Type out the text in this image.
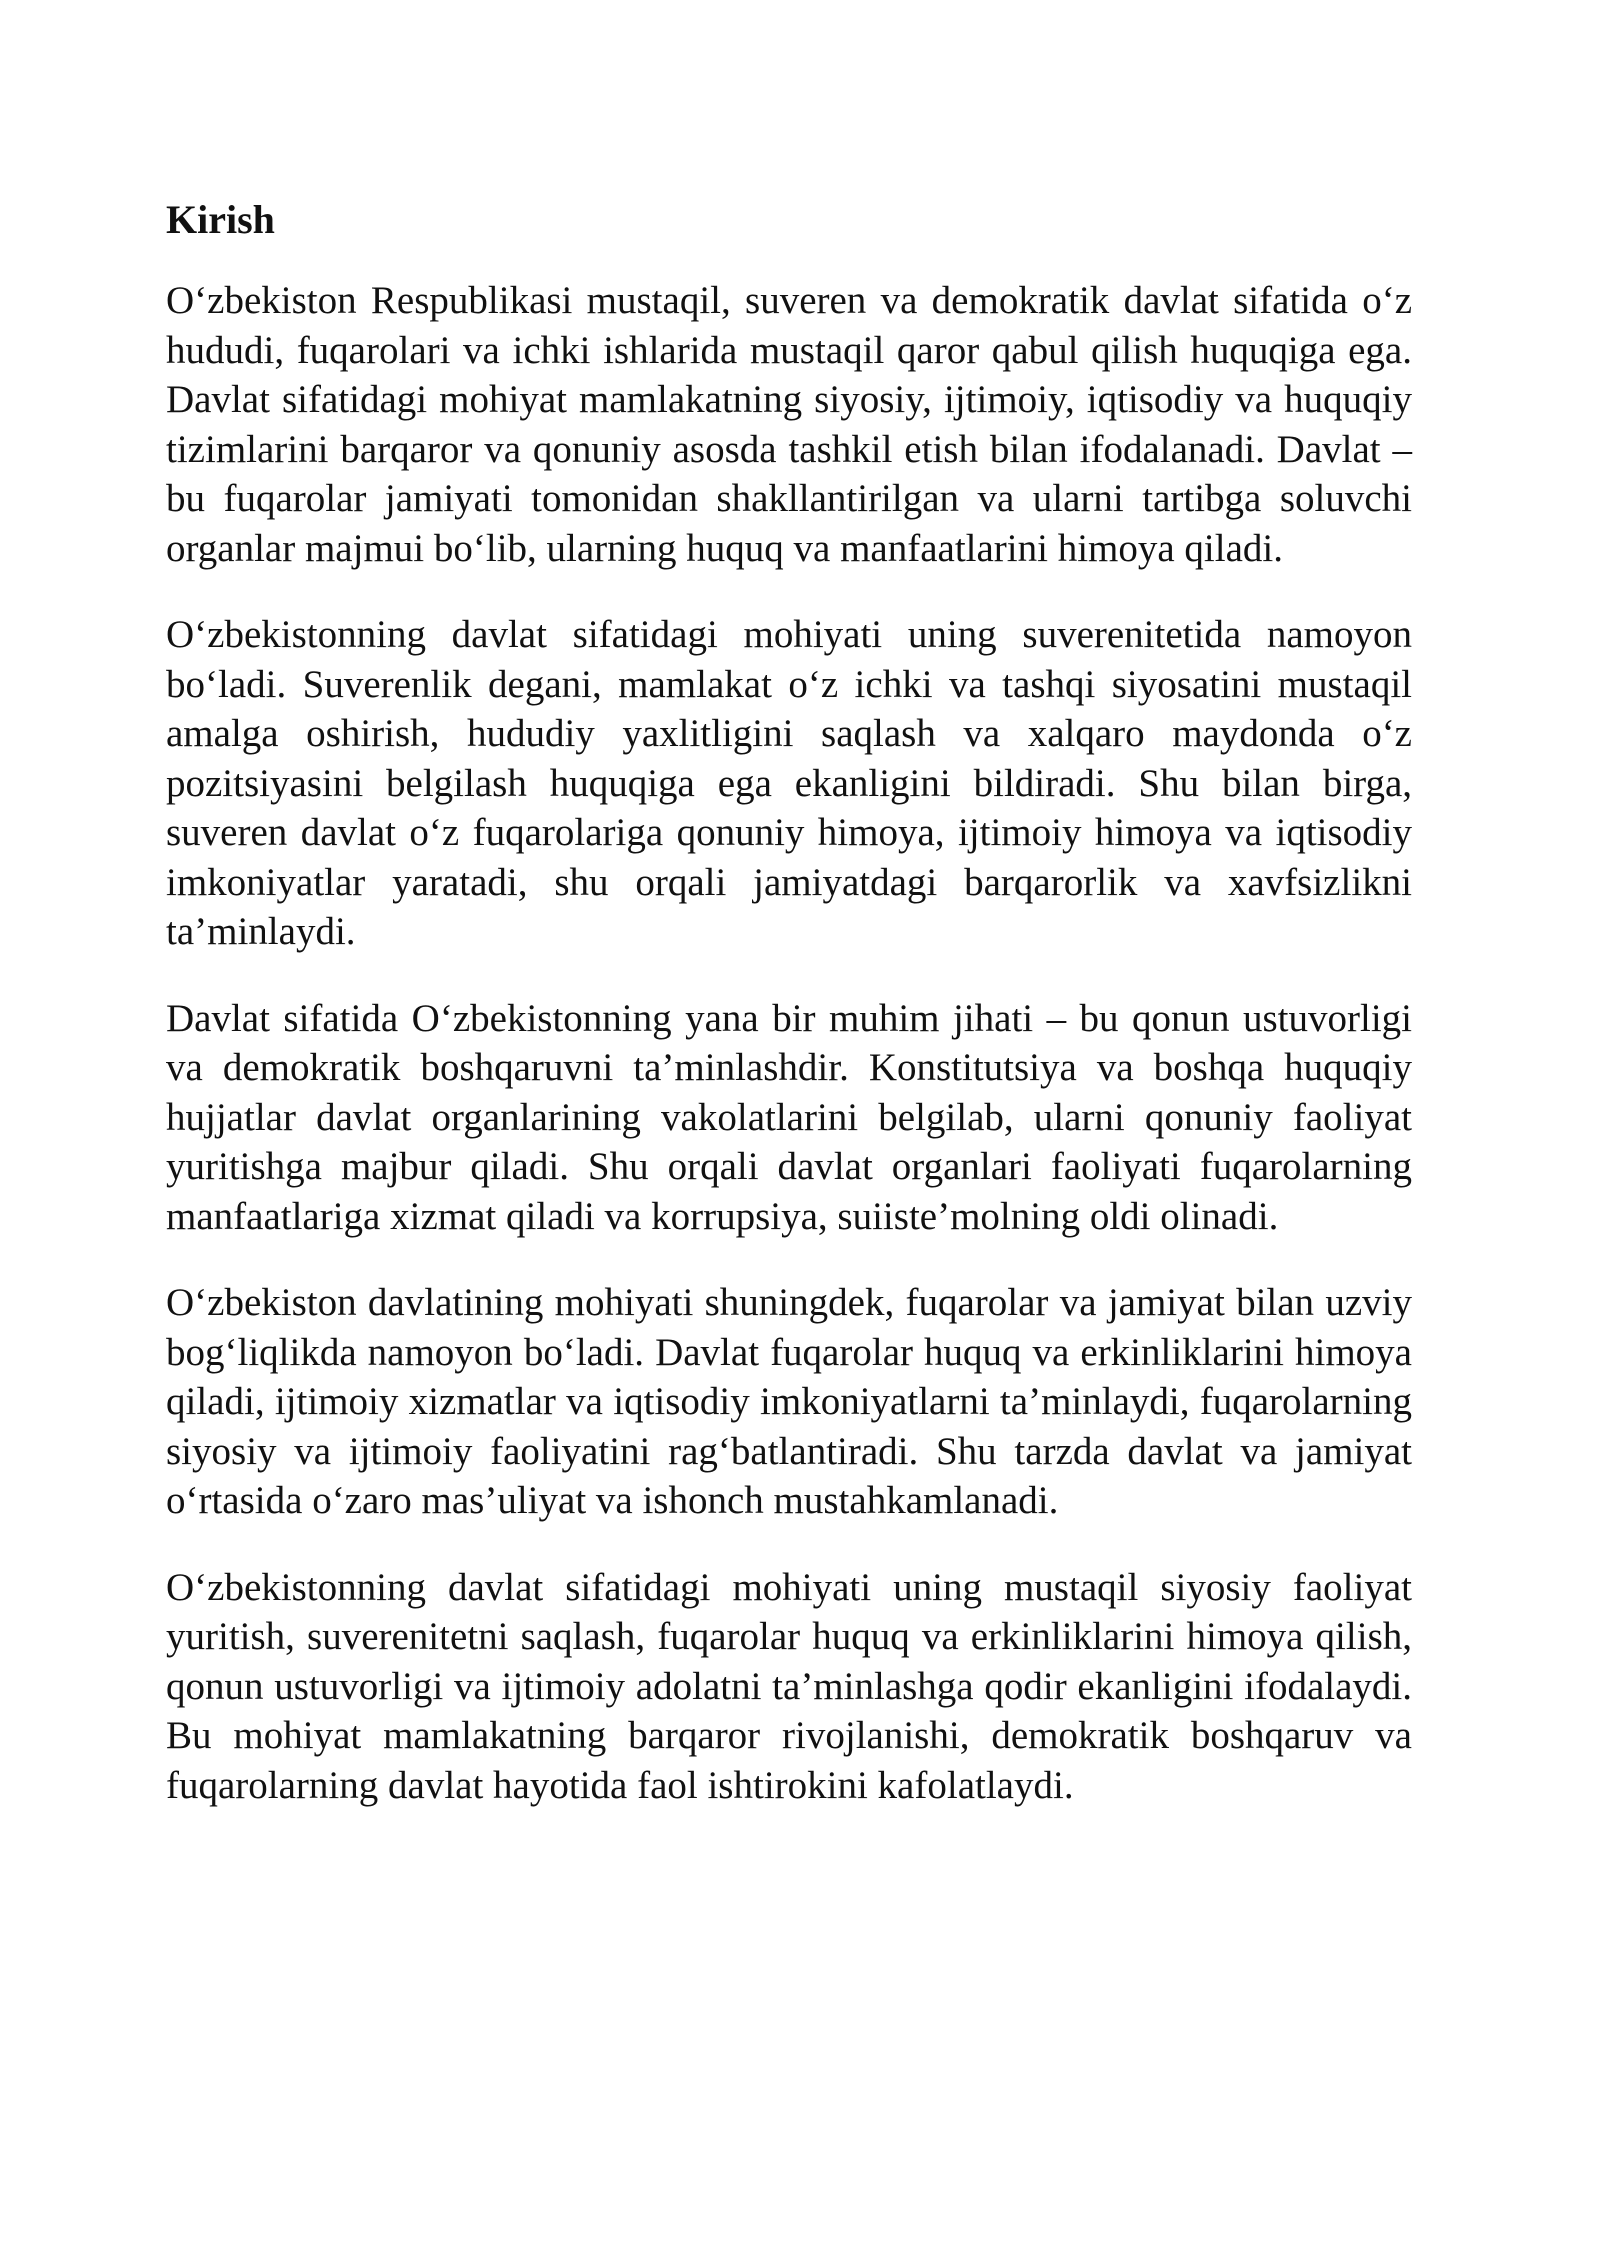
Kirish

O‘zbekiston Respublikasi mustaqil, suveren va demokratik davlat sifatida o‘z hududi, fuqarolari va ichki ishlarida mustaqil qaror qabul qilish huquqiga ega. Davlat sifatidagi mohiyat mamlakatning siyosiy, ijtimoiy, iqtisodiy va huquqiy tizimlarini barqaror va qonuniy asosda tashkil etish bilan ifodalanadi. Davlat – bu fuqarolar jamiyati tomonidan shakllantirilgan va ularni tartibga soluvchi organlar majmui bo‘lib, ularning huquq va manfaatlarini himoya qiladi.

O‘zbekistonning davlat sifatidagi mohiyati uning suverenitetida namoyon bo‘ladi. Suverenlik degani, mamlakat o‘z ichki va tashqi siyosatini mustaqil amalga oshirish, hududiy yaxlitligini saqlash va xalqaro maydonda o‘z pozitsiyasini belgilash huquqiga ega ekanligini bildiradi. Shu bilan birga, suveren davlat o‘z fuqarolariga qonuniy himoya, ijtimoiy himoya va iqtisodiy imkoniyatlar yaratadi, shu orqali jamiyatdagi barqarorlik va xavfsizlikni ta’minlaydi.

Davlat sifatida O‘zbekistonning yana bir muhim jihati – bu qonun ustuvorligi va demokratik boshqaruvni ta’minlashdir. Konstitutsiya va boshqa huquqiy hujjatlar davlat organlarining vakolatlarini belgilab, ularni qonuniy faoliyat yuritishga majbur qiladi. Shu orqali davlat organlari faoliyati fuqarolarning manfaatlariga xizmat qiladi va korrupsiya, suiiste’molning oldi olinadi.

O‘zbekiston davlatining mohiyati shuningdek, fuqarolar va jamiyat bilan uzviy bog‘liqlikda namoyon bo‘ladi. Davlat fuqarolar huquq va erkinliklarini himoya qiladi, ijtimoiy xizmatlar va iqtisodiy imkoniyatlarni ta’minlaydi, fuqarolarning siyosiy va ijtimoiy faoliyatini rag‘batlantiradi. Shu tarzda davlat va jamiyat o‘rtasida o‘zaro mas’uliyat va ishonch mustahkamlanadi.

O‘zbekistonning davlat sifatidagi mohiyati uning mustaqil siyosiy faoliyat yuritish, suverenitetni saqlash, fuqarolar huquq va erkinliklarini himoya qilish, qonun ustuvorligi va ijtimoiy adolatni ta’minlashga qodir ekanligini ifodalaydi. Bu mohiyat mamlakatning barqaror rivojlanishi, demokratik boshqaruv va fuqarolarning davlat hayotida faol ishtirokini kafolatlaydi.
